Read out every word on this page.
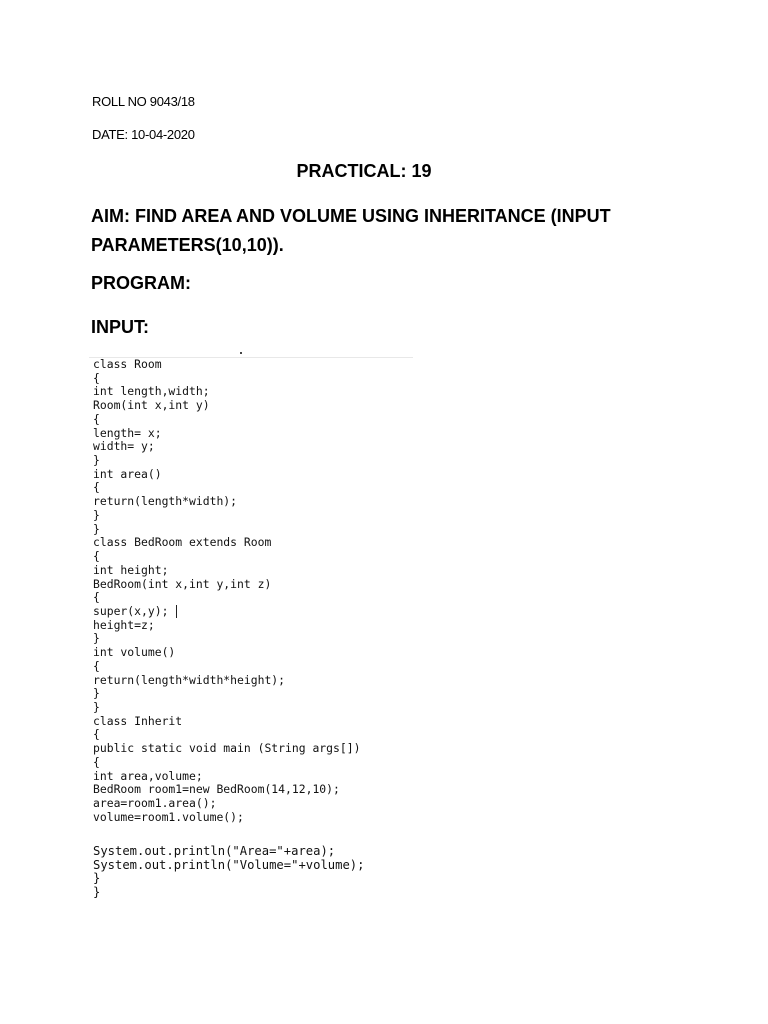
ROLL NO 9043/18
DATE: 10-04-2020
PRACTICAL: 19
AIM: FIND AREA AND VOLUME USING INHERITANCE (INPUT PARAMETERS(10,10)).
PROGRAM:
INPUT:
class Room
{
int length,width;
Room(int x,int y)
{
length= x;
width= y;
}
int area()
{
return(length*width);
}
}
class BedRoom extends Room
{
int height;
BedRoom(int x,int y,int z)
{
super(x,y);
height=z;
}
int volume()
{
return(length*width*height);
}
}
class Inherit
{
public static void main (String args[])
{
int area,volume;
BedRoom room1=new BedRoom(14,12,10);
area=room1.area();
volume=room1.volume();
System.out.println("Area="+area);
System.out.println("Volume="+volume);
}
}
